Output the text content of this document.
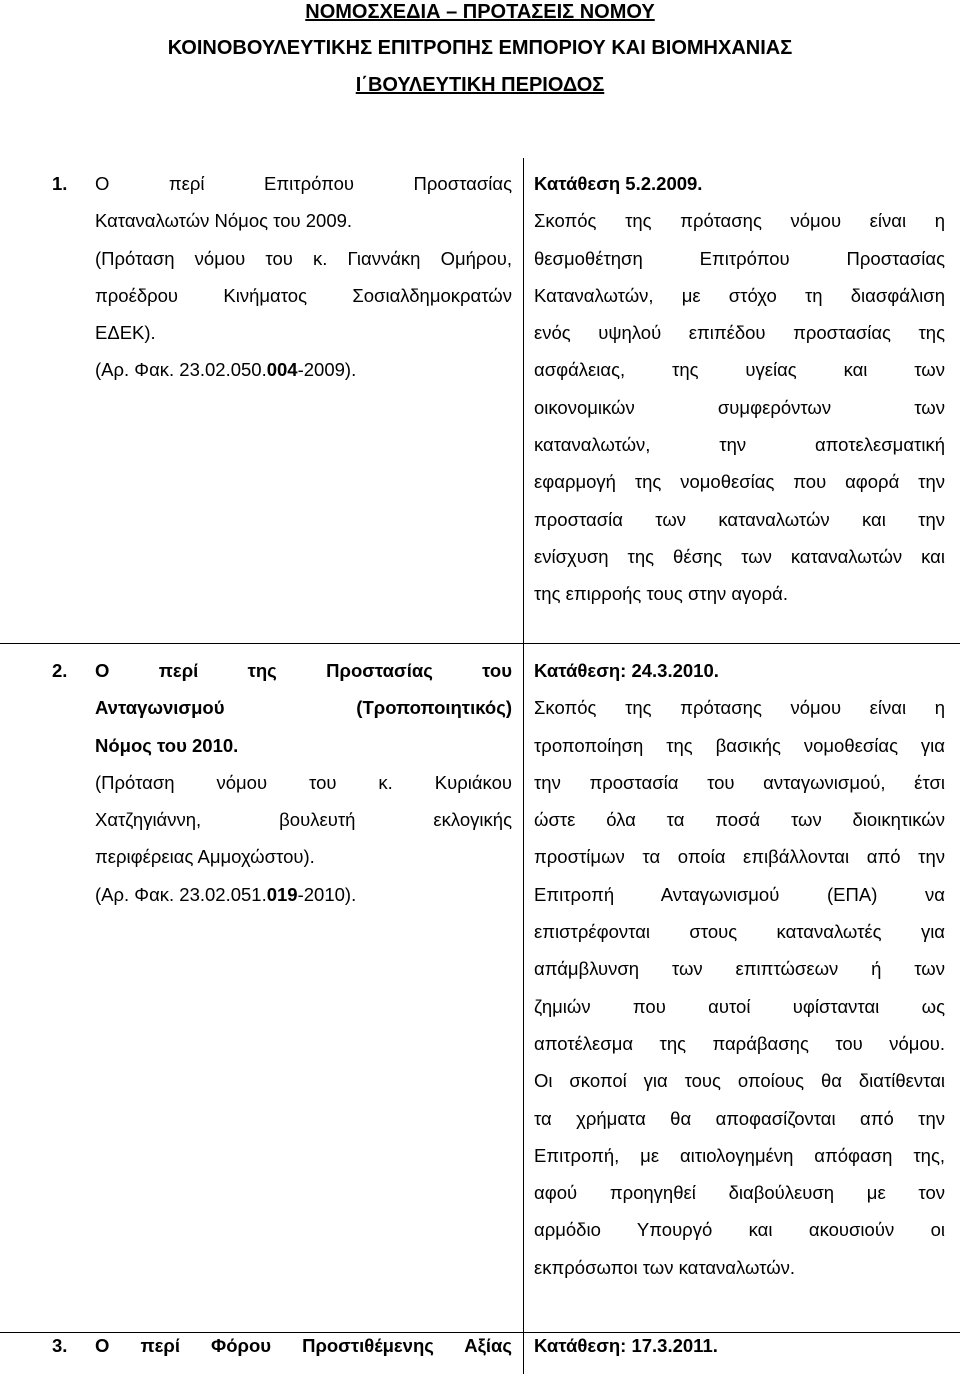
ΝΟΜΟΣΧΕΔΙΑ – ΠΡΟΤΑΣΕΙΣ ΝΟΜΟΥ
ΚΟΙΝΟΒΟΥΛΕΥΤΙΚΗΣ ΕΠΙΤΡΟΠΗΣ ΕΜΠΟΡΙΟΥ ΚΑΙ ΒΙΟΜΗΧΑΝΙΑΣ
Ι΄ΒΟΥΛΕΥΤΙΚΗ ΠΕΡΙΟΔΟΣ
1. Ο περί Επιτρόπου Προστασίας
Καταναλωτών Νόμος του 2009.
(Πρόταση νόμου του κ. Γιαννάκη Ομήρου,
προέδρου Κινήματος Σοσιαλδημοκρατών
ΕΔΕΚ).
(Αρ. Φακ. 23.02.050.004-2009).
Κατάθεση 5.2.2009.
Σκοπός της πρότασης νόμου είναι η
θεσμοθέτηση Επιτρόπου Προστασίας
Καταναλωτών, με στόχο τη διασφάλιση
ενός υψηλού επιπέδου προστασίας της
ασφάλειας, της υγείας και των
οικονομικών συμφερόντων των
καταναλωτών, την αποτελεσματική
εφαρμογή της νομοθεσίας που αφορά την
προστασία των καταναλωτών και την
ενίσχυση της θέσης των καταναλωτών και
της επιρροής τους στην αγορά.
2. Ο περί της Προστασίας του
Ανταγωνισμού (Τροποποιητικός)
Νόμος του 2010.
(Πρόταση νόμου του κ. Κυριάκου
Χατζηγιάννη, βουλευτή εκλογικής
περιφέρειας Αμμοχώστου).
(Αρ. Φακ. 23.02.051.019-2010).
Κατάθεση: 24.3.2010.
Σκοπός της πρότασης νόμου είναι η
τροποποίηση της βασικής νομοθεσίας για
την προστασία του ανταγωνισμού, έτσι
ώστε όλα τα ποσά των διοικητικών
προστίμων τα οποία επιβάλλονται από την
Επιτροπή Ανταγωνισμού (ΕΠΑ) να
επιστρέφονται στους καταναλωτές για
απάμβλυνση των επιπτώσεων ή των
ζημιών που αυτοί υφίστανται ως
αποτέλεσμα της παράβασης του νόμου.
Οι σκοποί για τους οποίους θα διατίθενται
τα χρήματα θα αποφασίζονται από την
Επιτροπή, με αιτιολογημένη απόφαση της,
αφού προηγηθεί διαβούλευση με τον
αρμόδιο Υπουργό και ακουσιούν οι
εκπρόσωποι των καταναλωτών.
3. Ο περί Φόρου Προστιθέμενης Αξίας Κατάθεση: 17.3.2011.
